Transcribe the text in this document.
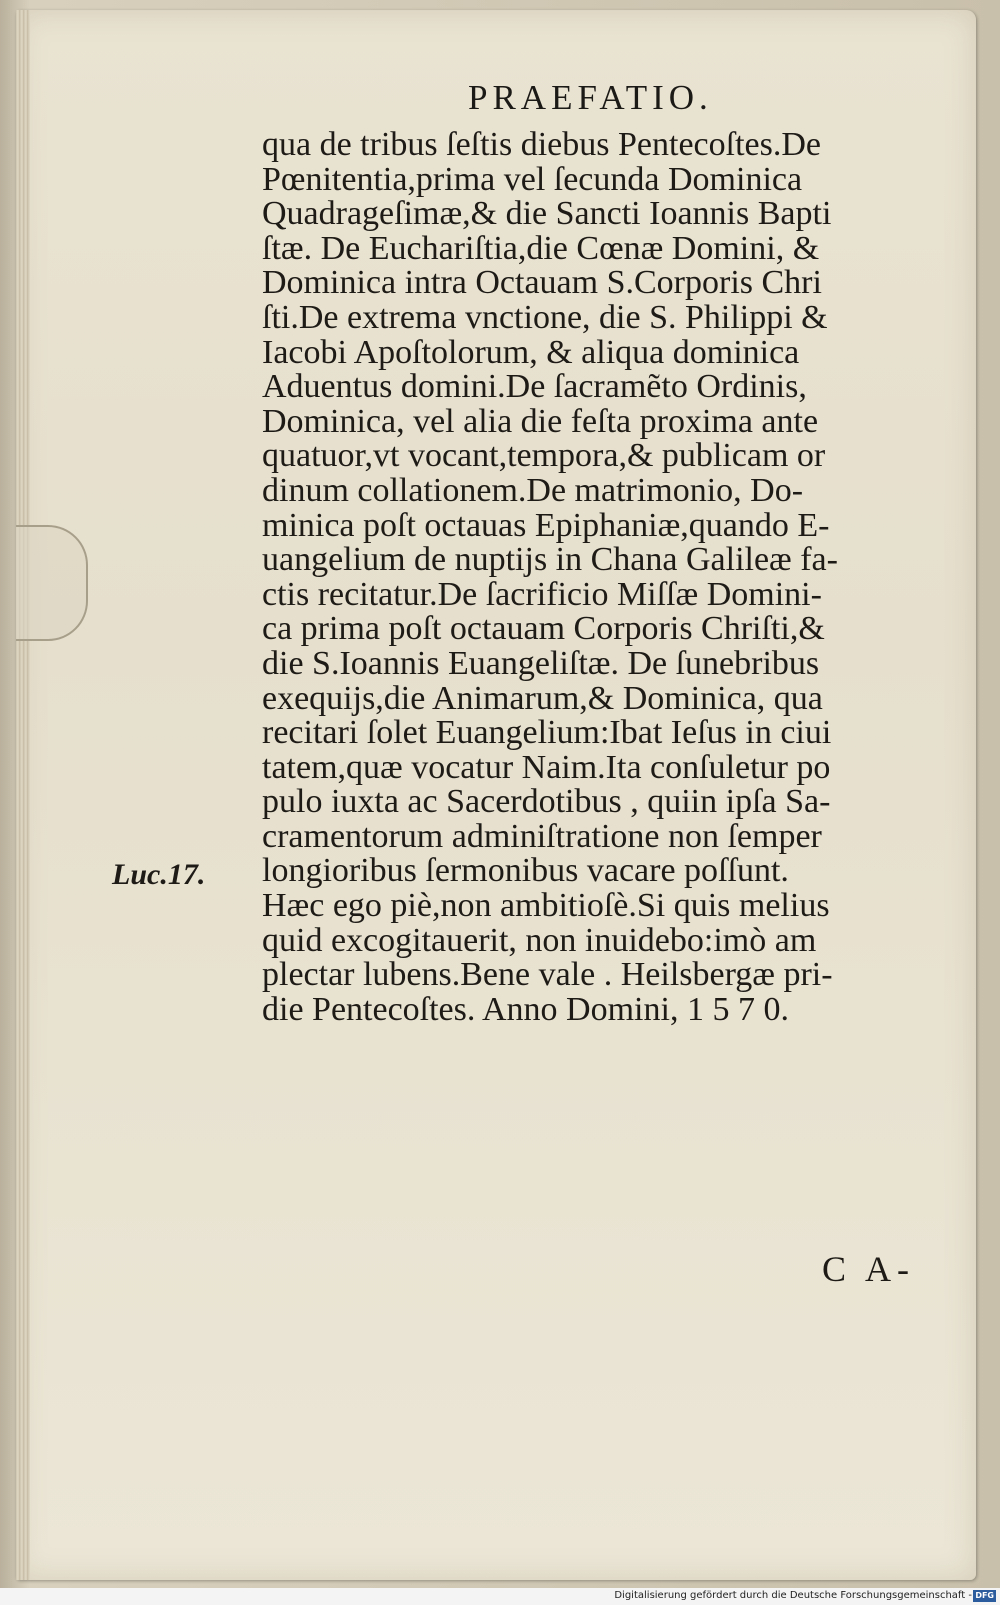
PRAEFATIO.
qua de tribus ſeſtis diebus Pentecoſtes.De
Pœnitentia,prima vel ſecunda Dominica
Quadrageſimæ,& die Sancti Ioannis Bapti
ſtæ. De Euchariſtia,die Cœnæ Domini, &
Dominica intra Octauam S.Corporis Chri
ſti.De extrema vnctione, die S. Philippi &
Iacobi Apoſtolorum, & aliqua dominica
Aduentus domini.De ſacramẽto Ordinis,
Dominica, vel alia die feſta proxima ante
quatuor,vt vocant,tempora,& publicam or
dinum collationem.De matrimonio, Do-
minica poſt octauas Epiphaniæ,quando E-
uangelium de nuptijs in Chana Galileæ fa-
ctis recitatur.De ſacrificio Miſſæ Domini-
ca prima poſt octauam Corporis Chriſti,&
die S.Ioannis Euangeliſtæ. De ſunebribus
exequijs,die Animarum,& Dominica, qua
recitari ſolet Euangelium:Ibat Ieſus in ciui
tatem,quæ vocatur Naim.Ita conſuletur po
pulo iuxta ac Sacerdotibus , quiin ipſa Sa-
cramentorum adminiſtratione non ſemper
longioribus ſermonibus vacare poſſunt.
Hæc ego piè,non ambitioſè.Si quis melius
quid excogitauerit, non inuidebo:imò am
plectar lubens.Bene vale . Heilsbergæ pri-
die Pentecoſtes. Anno Domini, 1 5 7 0.
Luc.17.
C A-
Digitalisierung gefördert durch die Deutsche Forschungsgemeinschaft - DFG
